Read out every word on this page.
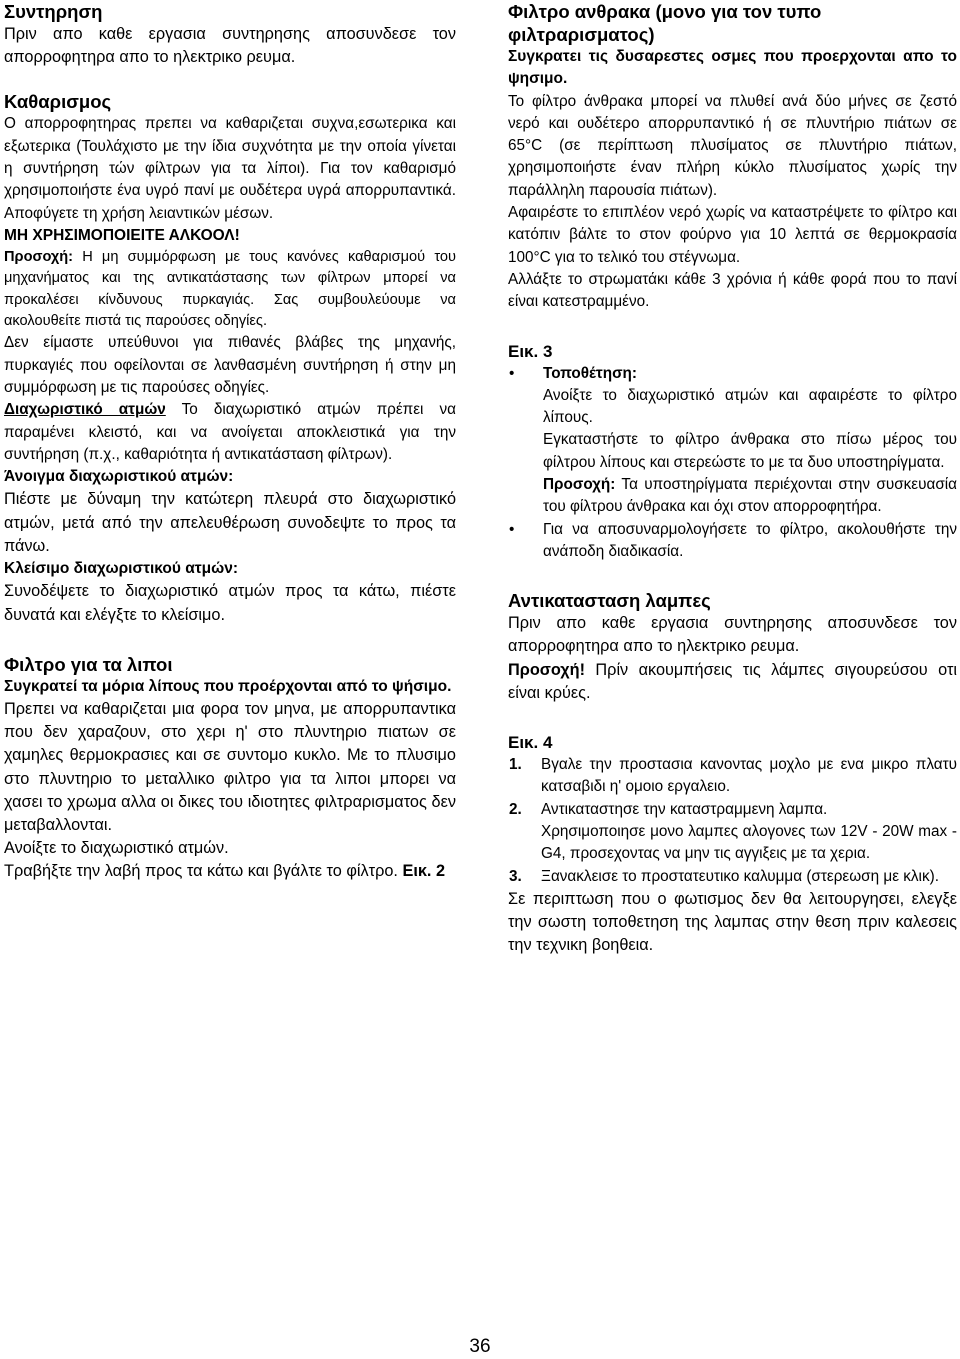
Συντηρηση

Πριν απο καθε εργασια συντηρησης αποσυνδεσε τον απορροφητηρα απο το ηλεκτρικο ρευμα.

Καθαρισμος

Ο απορροφητηρας πρεπει να καθαριζεται συχνα,εσωτερικα και εξωτερικα (Τουλάχιστο με την ίδια συχνότητα με την οποία γίνεται η συντήρηση τών φίλτρων για τα λίποι). Για τον καθαρισμό χρησιμοποιήστε ένα υγρό πανί με ουδέτερα υγρά απορρυπαντικά. Αποφύγετε τη χρήση λειαντικών μέσων.

ΜΗ ΧΡΗΣΙΜΟΠΟΙΕΙΤΕ ΑΛΚΟΟΛ!

Προσοχή: Η μη συμμόρφωση με τους κανόνες καθαρισμού του μηχανήματος και της αντικατάστασης των φίλτρων μπορεί να προκαλέσει κίνδυνους πυρκαγιάς. Σας συμβουλεύουμε να ακολουθείτε πιστά τις παρούσες οδηγίες.

Δεν είμαστε υπεύθυνοι για πιθανές βλάβες της μηχανής, πυρκαγιές που οφείλονται σε λανθασμένη συντήρηση ή στην μη συμμόρφωση με τις παρούσες οδηγίες.

Διαχωριστικό ατμών Το διαχωριστικό ατμών πρέπει να παραμένει κλειστό, και να ανοίγεται αποκλειστικά για την συντήρηση (π.χ., καθαριότητα ή αντικατάσταση φίλτρων).

Άνοιγμα διαχωριστικού ατμών:

Πιέστε με δύναμη την κατώτερη πλευρά στο διαχωριστικό ατμών, μετά από την απελευθέρωση συνοδεψτε το προς τα πάνω.

Κλείσιμο διαχωριστικού ατμών:

Συνοδέψετε το διαχωριστικό ατμών προς τα κάτω, πιέστε δυνατά και ελέγξτε το κλείσιμο.

Φιλτρο για τα λιποι

Συγκρατεί τα μόρια λίπους που προέρχονται από το ψήσιμο.

Πρεπει να καθαριζεται μια φορα τον μηνα, με απορρυπαντικα που δεν χαραζουν, στο χερι η' στο πλυντηριο πιατων σε χαμηλες θερμοκρασιες και σε συντομο κυκλο. Με το πλυσιμο στο πλυντηριο το μεταλλικο φιλτρο για τα λιποι μπορει να χασει το χρωμα αλλα οι δικες του ιδιοτητες φιλτραρισματος δεν μεταβαλλονται.

Ανοίξτε το διαχωριστικό ατμών.

Τραβήξτε την λαβή προς τα κάτω και βγάλτε το φίλτρο. Εικ. 2

Φιλτρο ανθρακα (μονο για τον τυπο φιλτραρισματος)

Συγκρατει τις δυσαρεστες οσμες που προερχονται απο το ψησιμο.

Το φίλτρο άνθρακα μπορεί να πλυθεί ανά δύο μήνες σε ζεστό νερό και ουδέτερο απορρυπαντικό ή σε πλυντήριο πιάτων σε 65°C (σε περίπτωση πλυσίματος σε πλυντήριο πιάτων, χρησιμοποιήστε έναν πλήρη κύκλο πλυσίματος χωρίς την παράλληλη παρουσία πιάτων).

Αφαιρέστε το επιπλέον νερό χωρίς να καταστρέψετε το φίλτρο και κατόπιν βάλτε το στον φούρνο για 10 λεπτά σε θερμοκρασία 100°C για το τελικό του στέγνωμα.

Αλλάξτε το στρωματάκι κάθε 3 χρόνια ή κάθε φορά που το πανί είναι κατεστραμμένο.

Εικ. 3
• Τοποθέτηση:
Ανοίξτε το διαχωριστικό ατμών και αφαιρέστε το φίλτρο λίπους.
Εγκαταστήστε το φίλτρο άνθρακα στο πίσω μέρος του φίλτρου λίπους και στερεώστε το με τα δυο υποστηρίγματα.
Προσοχή: Τα υποστηρίγματα περιέχονται στην συσκευασία του φίλτρου άνθρακα και όχι στον απορροφητήρα.
• Για να αποσυναρμολογήσετε το φίλτρο, ακολουθήστε την ανάποδη διαδικασία.
Αντικατασταση λαμπες

Πριν απο καθε εργασια συντηρησης αποσυνδεσε τον απορροφητηρα απο το ηλεκτρικο ρευμα.

Προσοχή! Πρίν ακουμπήσεις τις λάμπες σιγουρεύσου οτι είναι κρύες.

Εικ. 4
1. Βγαλε την προστασια κανοντας μοχλο με ενα μικρο πλατυ κατσαβιδι η' ομοιο εργαλειο.
2. Αντικαταστησε την καταστραμμενη λαμπα.
Χρησιμοποιησε μονο λαμπες αλογονες των 12V - 20W max - G4, προσεχοντας να μην τις αγγιξεις με τα χερια.
3. Ξανακλεισε το προστατευτικο καλυμμα (στερεωση με κλικ).

Σε περιπτωση που ο φωτισμος δεν θα λειτουργησει, ελεγξε την σωστη τοποθετηση της λαμπας στην θεση πριν καλεσεις την τεχνικη βοηθεια.

36
